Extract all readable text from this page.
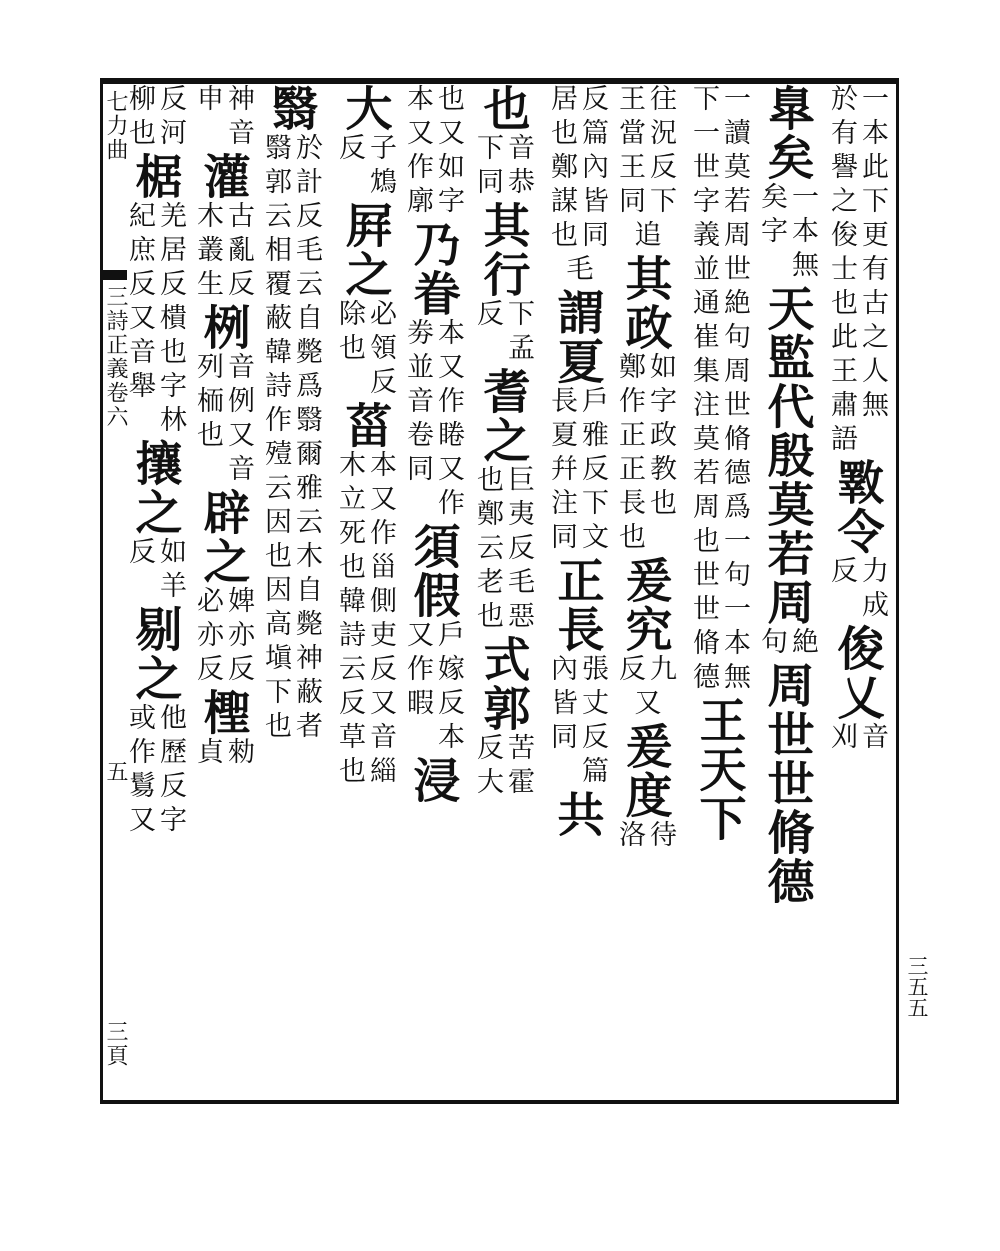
七力曲
三詩正義卷六
五
三頁
三五五
一本此下更有古之人無
於有譽之俊士也此王肅語
斁
令
力成
反
俊乂
音
刈
臯矣
一本無
矣字
天監代殷莫若周
絶
句
周世世脩德
一讀莫若周世絶句周世脩德爲一句一本無
下一世字義並通崔集注莫若周也世世脩德
王天下
往況反下
王當王同
追
其政
如字政教也
鄭作正正長也
爰究
九
反
又
爰度
待
洛
反篇內皆同
居也鄭謀也
毛
謂夏
戶雅反下文
長夏幷注同
正長
張丈反篇
內皆同
共
也
音恭
下同
其行
下孟
反
耆之
巨夷反毛惡
也鄭云老也
式郭
苦霍
反大
也又如字
本又作廓
乃眷
本又作睠又作
劵並音卷同
須假
戶嫁反本
又作暇
浸
大
子鴆
反
屛之
必領反
除也
菑
本又作甾側吏反又音緇
木立死也韓詩云反草也
翳
於計反毛云自斃爲翳爾雅云木自斃神蔽者
翳郭云相覆蔽韓詩作殪云因也因高塡下也
神音
申
灌
古亂反
木叢生
栵
音例又音
列栭也
辟之
婢亦反
必亦反
檉
勑
貞
反河
柳也
椐
羌居反樻也字林
紀庶反又音舉
攘之
如羊
反
剔之
他歷反字
或作鬄又
